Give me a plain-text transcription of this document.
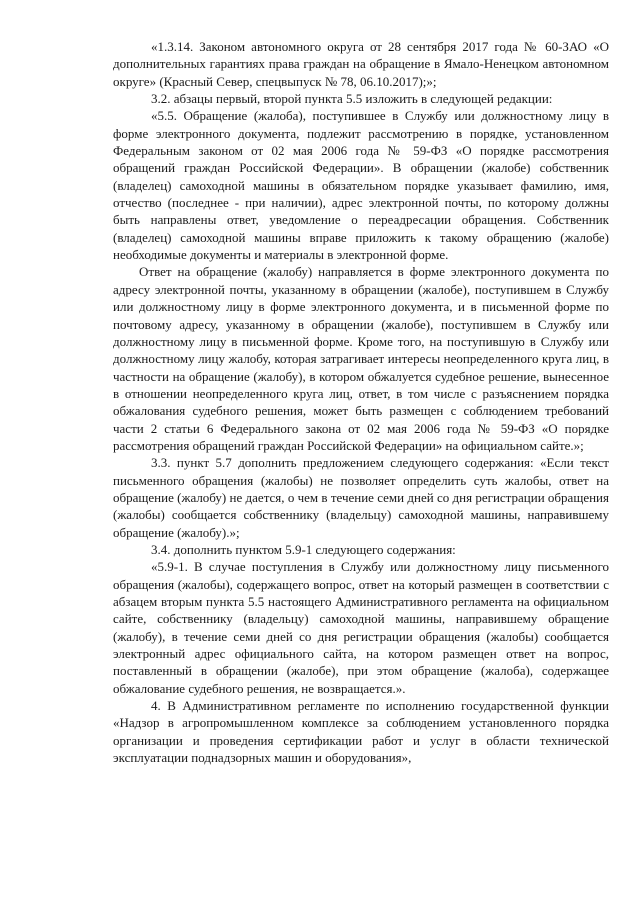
«1.3.14. Законом автономного округа от 28 сентября 2017 года № 60-ЗАО «О дополнительных гарантиях права граждан на обращение в Ямало-Ненецком автономном округе» (Красный Север, спецвыпуск № 78, 06.10.2017);»;

3.2. абзацы первый, второй пункта 5.5 изложить в следующей редакции:

«5.5. Обращение (жалоба), поступившее в Службу или должностному лицу в форме электронного документа, подлежит рассмотрению в порядке, установленном Федеральным законом от 02 мая 2006 года № 59-ФЗ «О порядке рассмотрения обращений граждан Российской Федерации». В обращении (жалобе) собственник (владелец) самоходной машины в обязательном порядке указывает фамилию, имя, отчество (последнее - при наличии), адрес электронной почты, по которому должны быть направлены ответ, уведомление о переадресации обращения. Собственник (владелец) самоходной машины вправе приложить к такому обращению (жалобе) необходимые документы и материалы в электронной форме.

Ответ на обращение (жалобу) направляется в форме электронного документа по адресу электронной почты, указанному в обращении (жалобе), поступившем в Службу или должностному лицу в форме электронного документа, и в письменной форме по почтовому адресу, указанному в обращении (жалобе), поступившем в Службу или должностному лицу в письменной форме. Кроме того, на поступившую в Службу или должностному лицу жалобу, которая затрагивает интересы неопределенного круга лиц, в частности на обращение (жалобу), в котором обжалуется судебное решение, вынесенное в отношении неопределенного круга лиц, ответ, в том числе с разъяснением порядка обжалования судебного решения, может быть размещен с соблюдением требований части 2 статьи 6 Федерального закона от 02 мая 2006 года № 59-ФЗ «О порядке рассмотрения обращений граждан Российской Федерации» на официальном сайте.»;

3.3. пункт 5.7 дополнить предложением следующего содержания: «Если текст письменного обращения (жалобы) не позволяет определить суть жалобы, ответ на обращение (жалобу) не дается, о чем в течение семи дней со дня регистрации обращения (жалобы) сообщается собственнику (владельцу) самоходной машины, направившему обращение (жалобу).»;

3.4. дополнить пунктом 5.9-1 следующего содержания:

«5.9-1. В случае поступления в Службу или должностному лицу письменного обращения (жалобы), содержащего вопрос, ответ на который размещен в соответствии с абзацем вторым пункта 5.5 настоящего Административного регламента на официальном сайте, собственнику (владельцу) самоходной машины, направившему обращение (жалобу), в течение семи дней со дня регистрации обращения (жалобы) сообщается электронный адрес официального сайта, на котором размещен ответ на вопрос, поставленный в обращении (жалобе), при этом обращение (жалоба), содержащее обжалование судебного решения, не возвращается.».

4. В Административном регламенте по исполнению государственной функции «Надзор в агропромышленном комплексе за соблюдением установленного порядка организации и проведения сертификации работ и услуг в области технической эксплуатации поднадзорных машин и оборудования»,
